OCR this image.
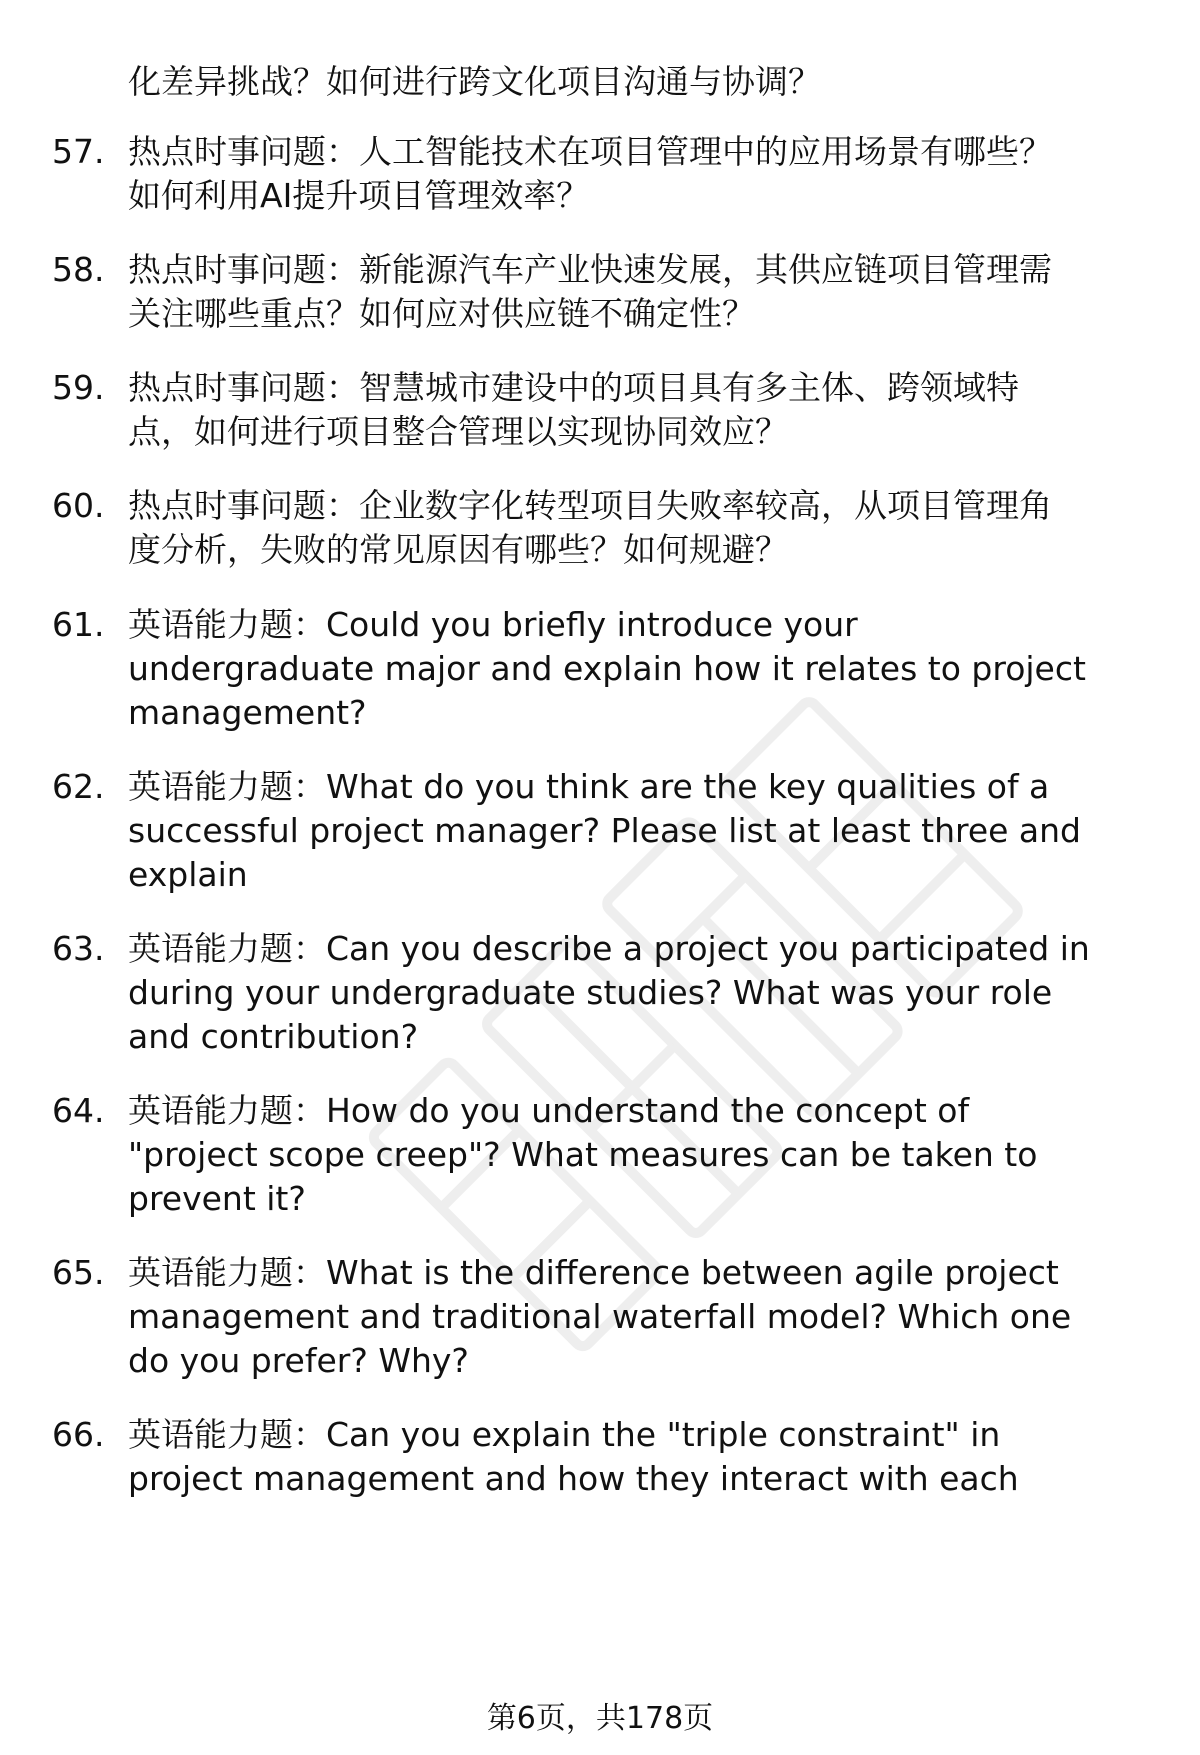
化差异挑战？如何进行跨文化项目沟通与协调？
57. 热点时事问题：人工智能技术在项目管理中的应用场景有哪些？
如何利用AI提升项目管理效率？
58. 热点时事问题：新能源汽车产业快速发展，其供应链项目管理需
关注哪些重点？如何应对供应链不确定性？
59. 热点时事问题：智慧城市建设中的项目具有多主体、跨领域特
点，如何进行项目整合管理以实现协同效应？
60. 热点时事问题：企业数字化转型项目失败率较高，从项目管理角
度分析，失败的常见原因有哪些？如何规避？
61. 英语能力题：Could you briefly introduce your
undergraduate major and explain how it relates to project
management?
62. 英语能力题：What do you think are the key qualities of a
successful project manager? Please list at least three and
explain
63. 英语能力题：Can you describe a project you participated in
during your undergraduate studies? What was your role
and contribution?
64. 英语能力题：How do you understand the concept of
"project scope creep"? What measures can be taken to
prevent it?
65. 英语能力题：What is the difference between agile project
management and traditional waterfall model? Which one
do you prefer? Why?
66. 英语能力题：Can you explain the "triple constraint" in
project management and how they interact with each
第6页，共178页
